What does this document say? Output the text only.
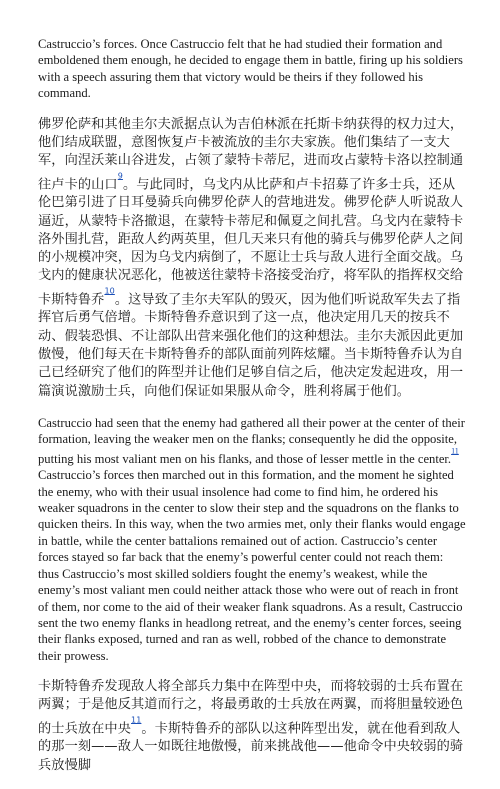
Castruccio’s forces. Once Castruccio felt that he had studied their formation and emboldened them enough, he decided to engage them in battle, firing up his soldiers with a speech assuring them that victory would be theirs if they followed his command.

佛罗伦萨和其他圭尔夫派据点认为吉伯林派在托斯卡纳获得的权力过大，他们结成联盟，意图恢复卢卡被流放的圭尔夫家族。他们集结了一支大军，向涅沃莱山谷进发，占领了蒙特卡蒂尼，进而攻占蒙特卡洛以控制通往卢卡的山口$^{^9}$。与此同时，乌戈内从比萨和卢卡招募了许多士兵，还从伦巴第引进了日耳曼骑兵向佛罗伦萨人的营地进发。佛罗伦萨人听说敌人逼近，从蒙特卡洛撤退，在蒙特卡蒂尼和佩夏之间扎营。乌戈内在蒙特卡洛外围扎营，距敌人约两英里，但几天来只有他的骑兵与佛罗伦萨人之间的小规模冲突，因为乌戈内病倒了，不愿让士兵与敌人进行全面交战。乌戈内的健康状况恶化，他被送往蒙特卡洛接受治疗，将军队的指挥权交给卡斯特鲁乔$^{^{10}}$。这导致了圭尔夫军队的毁灭，因为他们听说敌军失去了指挥官后勇气倍增。卡斯特鲁乔意识到了这一点，他决定用几天的按兵不动、假装恐惧、不让部队出营来强化他们的这种想法。圭尔夫派因此更加傲慢，他们每天在卡斯特鲁乔的部队面前列阵炫耀。当卡斯特鲁乔认为自己已经研究了他们的阵型并让他们足够自信之后，他决定发起进攻，用一篇演说激励士兵，向他们保证如果服从命令，胜利将属于他们。

Castruccio had seen that the enemy had gathered all their power at the center of their formation, leaving the weaker men on the flanks; consequently he did the opposite, putting his most valiant men on his flanks, and those of lesser mettle in the center.$^{^{11}}$ Castruccio’s forces then marched out in this formation, and the moment he sighted the enemy, who with their usual insolence had come to find him, he ordered his weaker squadrons in the center to slow their step and the squadrons on the flanks to quicken theirs. In this way, when the two armies met, only their flanks would engage in battle, while the center battalions remained out of action. Castruccio’s center forces stayed so far back that the enemy’s powerful center could not reach them: thus Castruccio’s most skilled soldiers fought the enemy’s weakest, while the enemy’s most valiant men could neither attack those who were out of reach in front of them, nor come to the aid of their weaker flank squadrons. As a result, Castruccio sent the two enemy flanks in headlong retreat, and the enemy’s center forces, seeing their flanks exposed, turned and ran as well, robbed of the chance to demonstrate their prowess.

卡斯特鲁乔发现敌人将全部兵力集中在阵型中央，而将较弱的士兵布置在两翼；于是他反其道而行之，将最勇敢的士兵放在两翼，而将胆量较逊色的士兵放在中央$^{^{11}}$。卡斯特鲁乔的部队以这种阵型出发，就在他看到敌人的那一刻——敌人一如既往地傲慢，前来挑战他——他命令中央较弱的骑兵放慢脚
